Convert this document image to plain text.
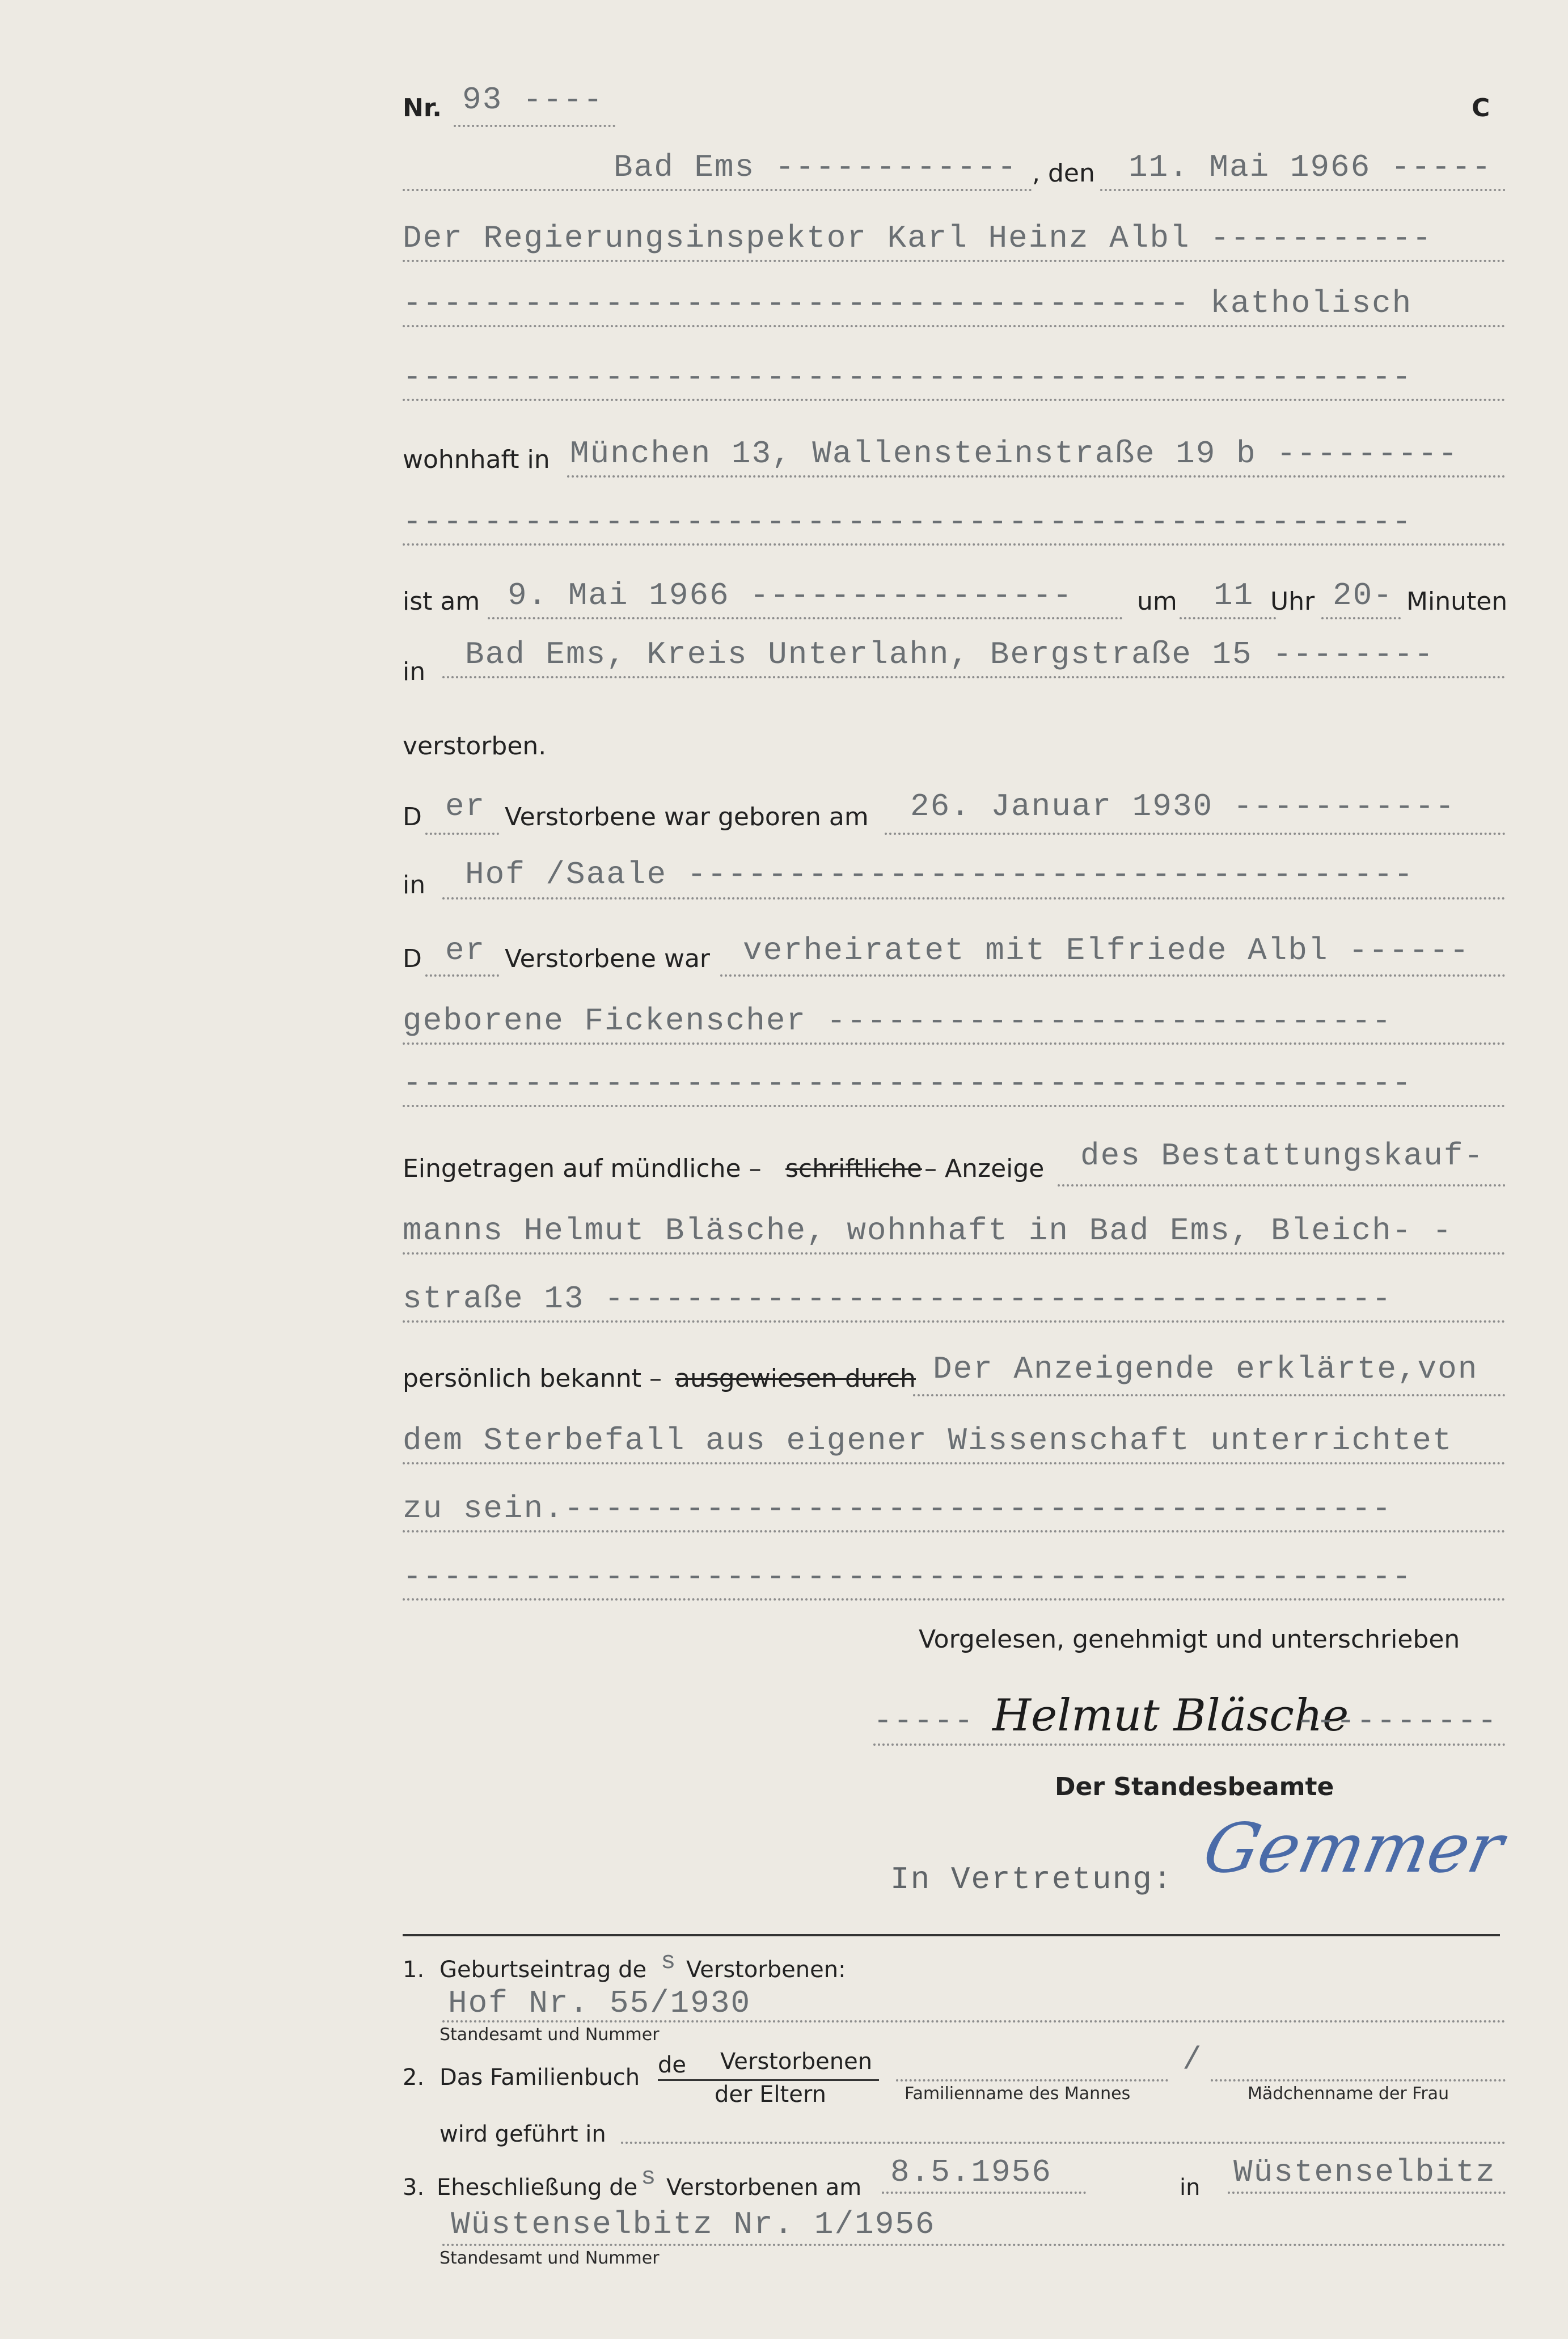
Nr. 93 ----	C
Bad Ems ------------ , den 11. Mai 1966 -----
Der Regierungsinspektor Karl Heinz Albl -----------
--------------------------------------- katholisch
--------------------------------------------------
wohnhaft in München 13, Wallensteinstraße 19 b ---------
--------------------------------------------------
ist am 9. Mai 1966 ----------------	um 11 Uhr 20- Minuten
in Bad Ems, Kreis Unterlahn, Bergstraße 15 --------
verstorben.
D er Verstorbene war geboren am 26. Januar 1930 -----------
in Hof /Saale ------------------------------------
D er Verstorbene war verheiratet mit Elfriede Albl ------
geborene Fickenscher ----------------------------
--------------------------------------------------
Eingetragen auf mündliche – schriftliche – Anzeige des Bestattungskauf-
manns Helmut Bläsche, wohnhaft in Bad Ems, Bleich- -
straße 13 ---------------------------------------
persönlich bekannt – ausgewiesen durch Der Anzeigende erklärte,von
dem Sterbefall aus eigener Wissenschaft unterrichtet
zu sein.-----------------------------------------
--------------------------------------------------
Vorgelesen, genehmigt und unterschrieben
----- Helmut Bläsche
----------
Der Standesbeamte
In Vertretung: Gemmer
1. Geburtseintrag de s Verstorbenen:
Hof Nr. 55/1930
Standesamt und Nummer
2. Das Familienbuch de Verstorbenen
der Eltern	Familienname des Mannes
/
Mädchenname der Frau
wird geführt in
3. Eheschließung de s Verstorbenen am 8.5.1956	in Wüstenselbitz
Wüstenselbitz Nr. 1/1956
Standesamt und Nummer
